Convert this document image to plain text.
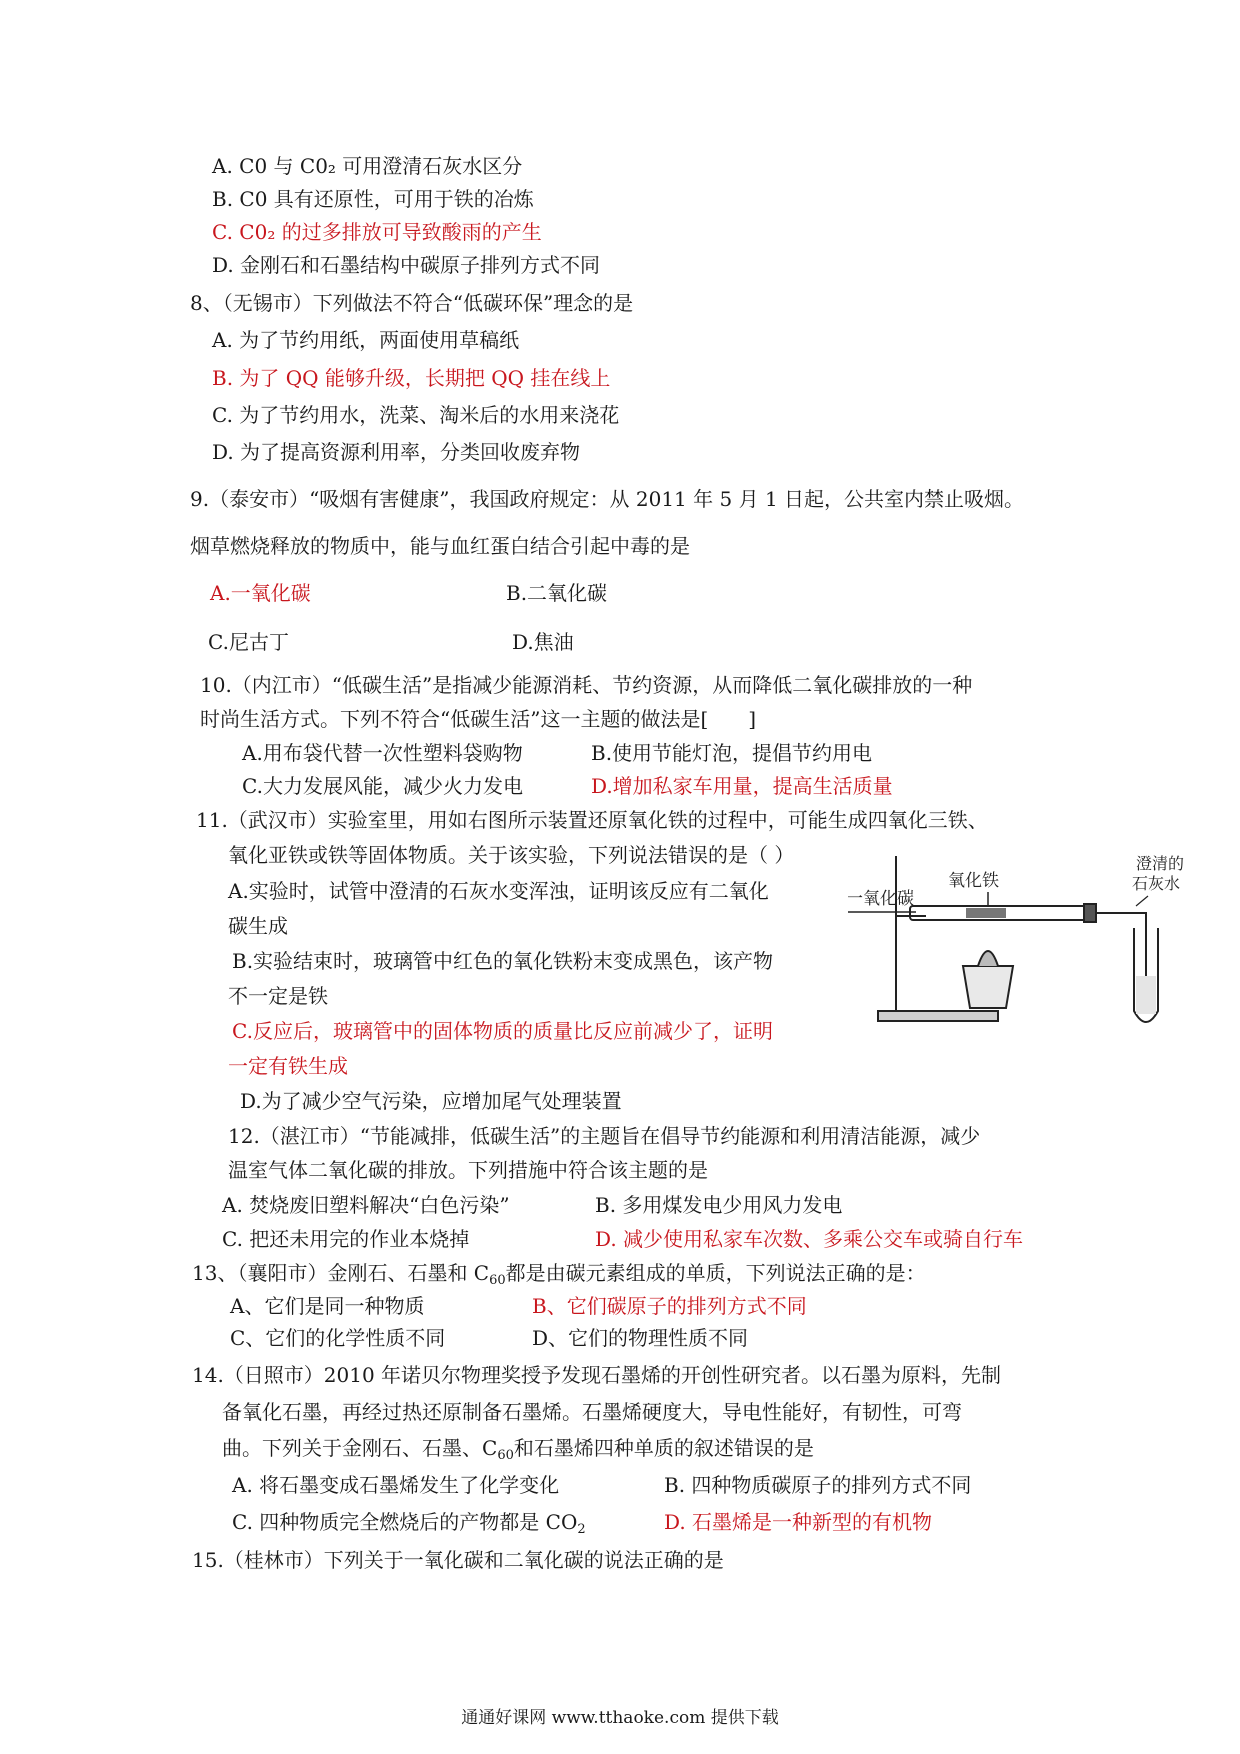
A. C0 与 C0₂ 可用澄清石灰水区分
B. C0 具有还原性，可用于铁的冶炼
C. C0₂ 的过多排放可导致酸雨的产生
D. 金刚石和石墨结构中碳原子排列方式不同
8、（无锡市）下列做法不符合“低碳环保”理念的是
A. 为了节约用纸，两面使用草稿纸
B. 为了 QQ 能够升级，长期把 QQ 挂在线上
C. 为了节约用水，洗菜、淘米后的水用来浇花
D. 为了提高资源利用率，分类回收废弃物
9.（泰安市）“吸烟有害健康”，我国政府规定：从 2011 年 5 月 1 日起，公共室内禁止吸烟。
烟草燃烧释放的物质中，能与血红蛋白结合引起中毒的是
A.一氧化碳	B.二氧化碳
C.尼古丁	D.焦油
10.（内江市）“低碳生活”是指减少能源消耗、节约资源，从而降低二氧化碳排放的一种
时尚生活方式。下列不符合“低碳生活”这一主题的做法是[　　]
A.用布袋代替一次性塑料袋购物	B.使用节能灯泡，提倡节约用电
C.大力发展风能，减少火力发电	D.增加私家车用量，提高生活质量
11.（武汉市）实验室里，用如右图所示装置还原氧化铁的过程中，可能生成四氧化三铁、
氧化亚铁或铁等固体物质。关于该实验，下列说法错误的是（ ）
A.实验时，试管中澄清的石灰水变浑浊，证明该反应有二氧化
碳生成
B.实验结束时，玻璃管中红色的氧化铁粉末变成黑色，该产物
不一定是铁
C.反应后，玻璃管中的固体物质的质量比反应前减少了，证明
一定有铁生成
D.为了减少空气污染，应增加尾气处理装置
氧化铁
一氧化碳
澄清的
石灰水
12.（湛江市）“节能减排，低碳生活”的主题旨在倡导节约能源和利用清洁能源，减少
温室气体二氧化碳的排放。下列措施中符合该主题的是
A. 焚烧废旧塑料解决“白色污染”	B. 多用煤发电少用风力发电
C. 把还未用完的作业本烧掉	D. 减少使用私家车次数、多乘公交车或骑自行车
13、（襄阳市）金刚石、石墨和 $C_{60}$都是由碳元素组成的单质，下列说法正确的是：
A、它们是同一种物质	B、它们碳原子的排列方式不同
C、它们的化学性质不同	D、它们的物理性质不同
14.（日照市）2010 年诺贝尔物理奖授予发现石墨烯的开创性研究者。以石墨为原料，先制
备氧化石墨，再经过热还原制备石墨烯。石墨烯硬度大，导电性能好，有韧性，可弯
曲。下列关于金刚石、石墨、$C_{60}$和石墨烯四种单质的叙述错误的是
A. 将石墨变成石墨烯发生了化学变化	B. 四种物质碳原子的排列方式不同
C. 四种物质完全燃烧后的产物都是 $CO_2$	D. 石墨烯是一种新型的有机物
15.（桂林市）下列关于一氧化碳和二氧化碳的说法正确的是
通通好课网 www.tthaoke.com 提供下载
